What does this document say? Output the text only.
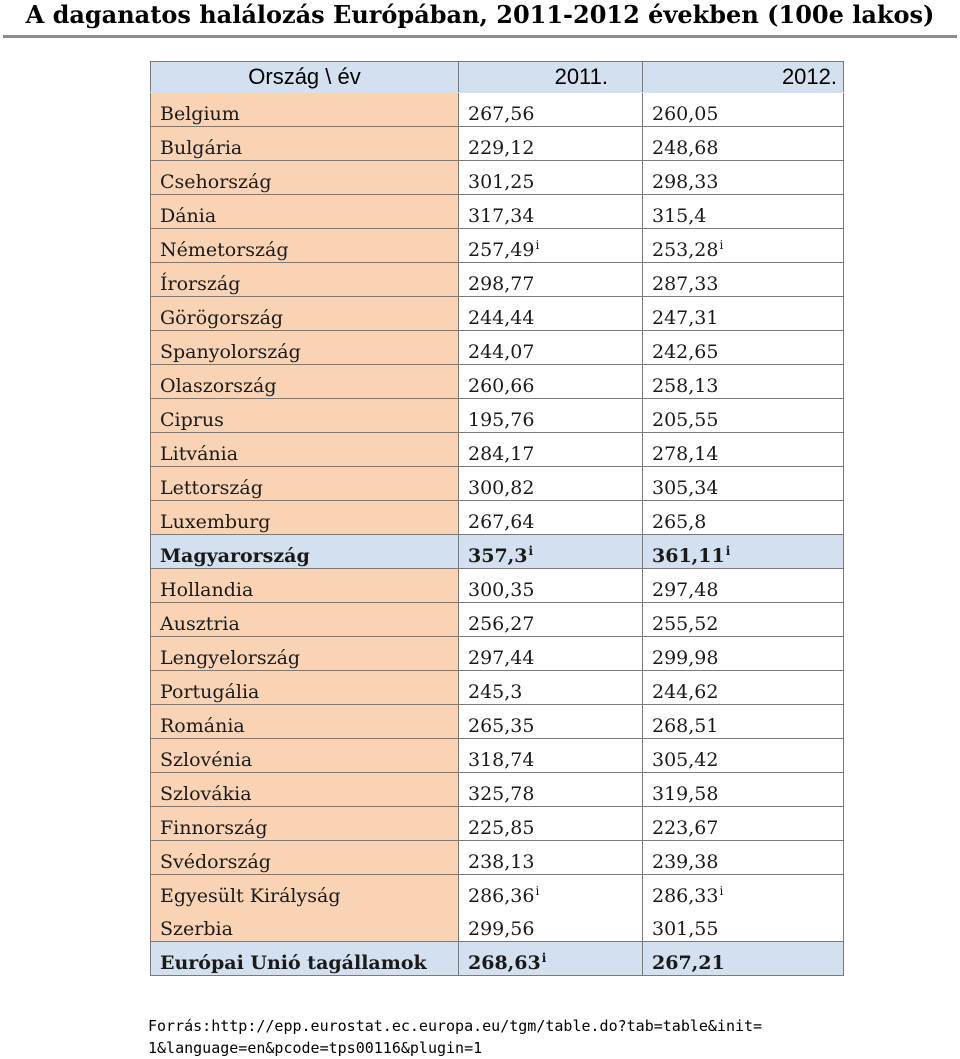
A daganatos halálozás Európában, 2011-2012 években (100e lakos)
Ország \ év	2011.	2012.
Belgium	267,56	260,05
Bulgária	229,12	248,68
Csehország	301,25	298,33
Dánia	317,34	315,4
Németország	257,49$^i$	253,28$^i$
Írország	298,77	287,33
Görögország	244,44	247,31
Spanyolország	244,07	242,65
Olaszország	260,66	258,13
Ciprus	195,76	205,55
Litvánia	284,17	278,14
Lettország	300,82	305,34
Luxemburg	267,64	265,8
Magyarország	357,3$^i$	361,11$^i$
Hollandia	300,35	297,48
Ausztria	256,27	255,52
Lengyelország	297,44	299,98
Portugália	245,3	244,62
Románia	265,35	268,51
Szlovénia	318,74	305,42
Szlovákia	325,78	319,58
Finnország	225,85	223,67
Svédország	238,13	239,38
Egyesült Királyság	286,36$^i$	286,33$^i$
Szerbia	299,56	301,55
Európai Unió tagállamok	268,63$^i$	267,21
Forrás:http://epp.eurostat.ec.europa.eu/tgm/table.do?tab=table&init=
1&language=en&pcode=tps00116&plugin=1
